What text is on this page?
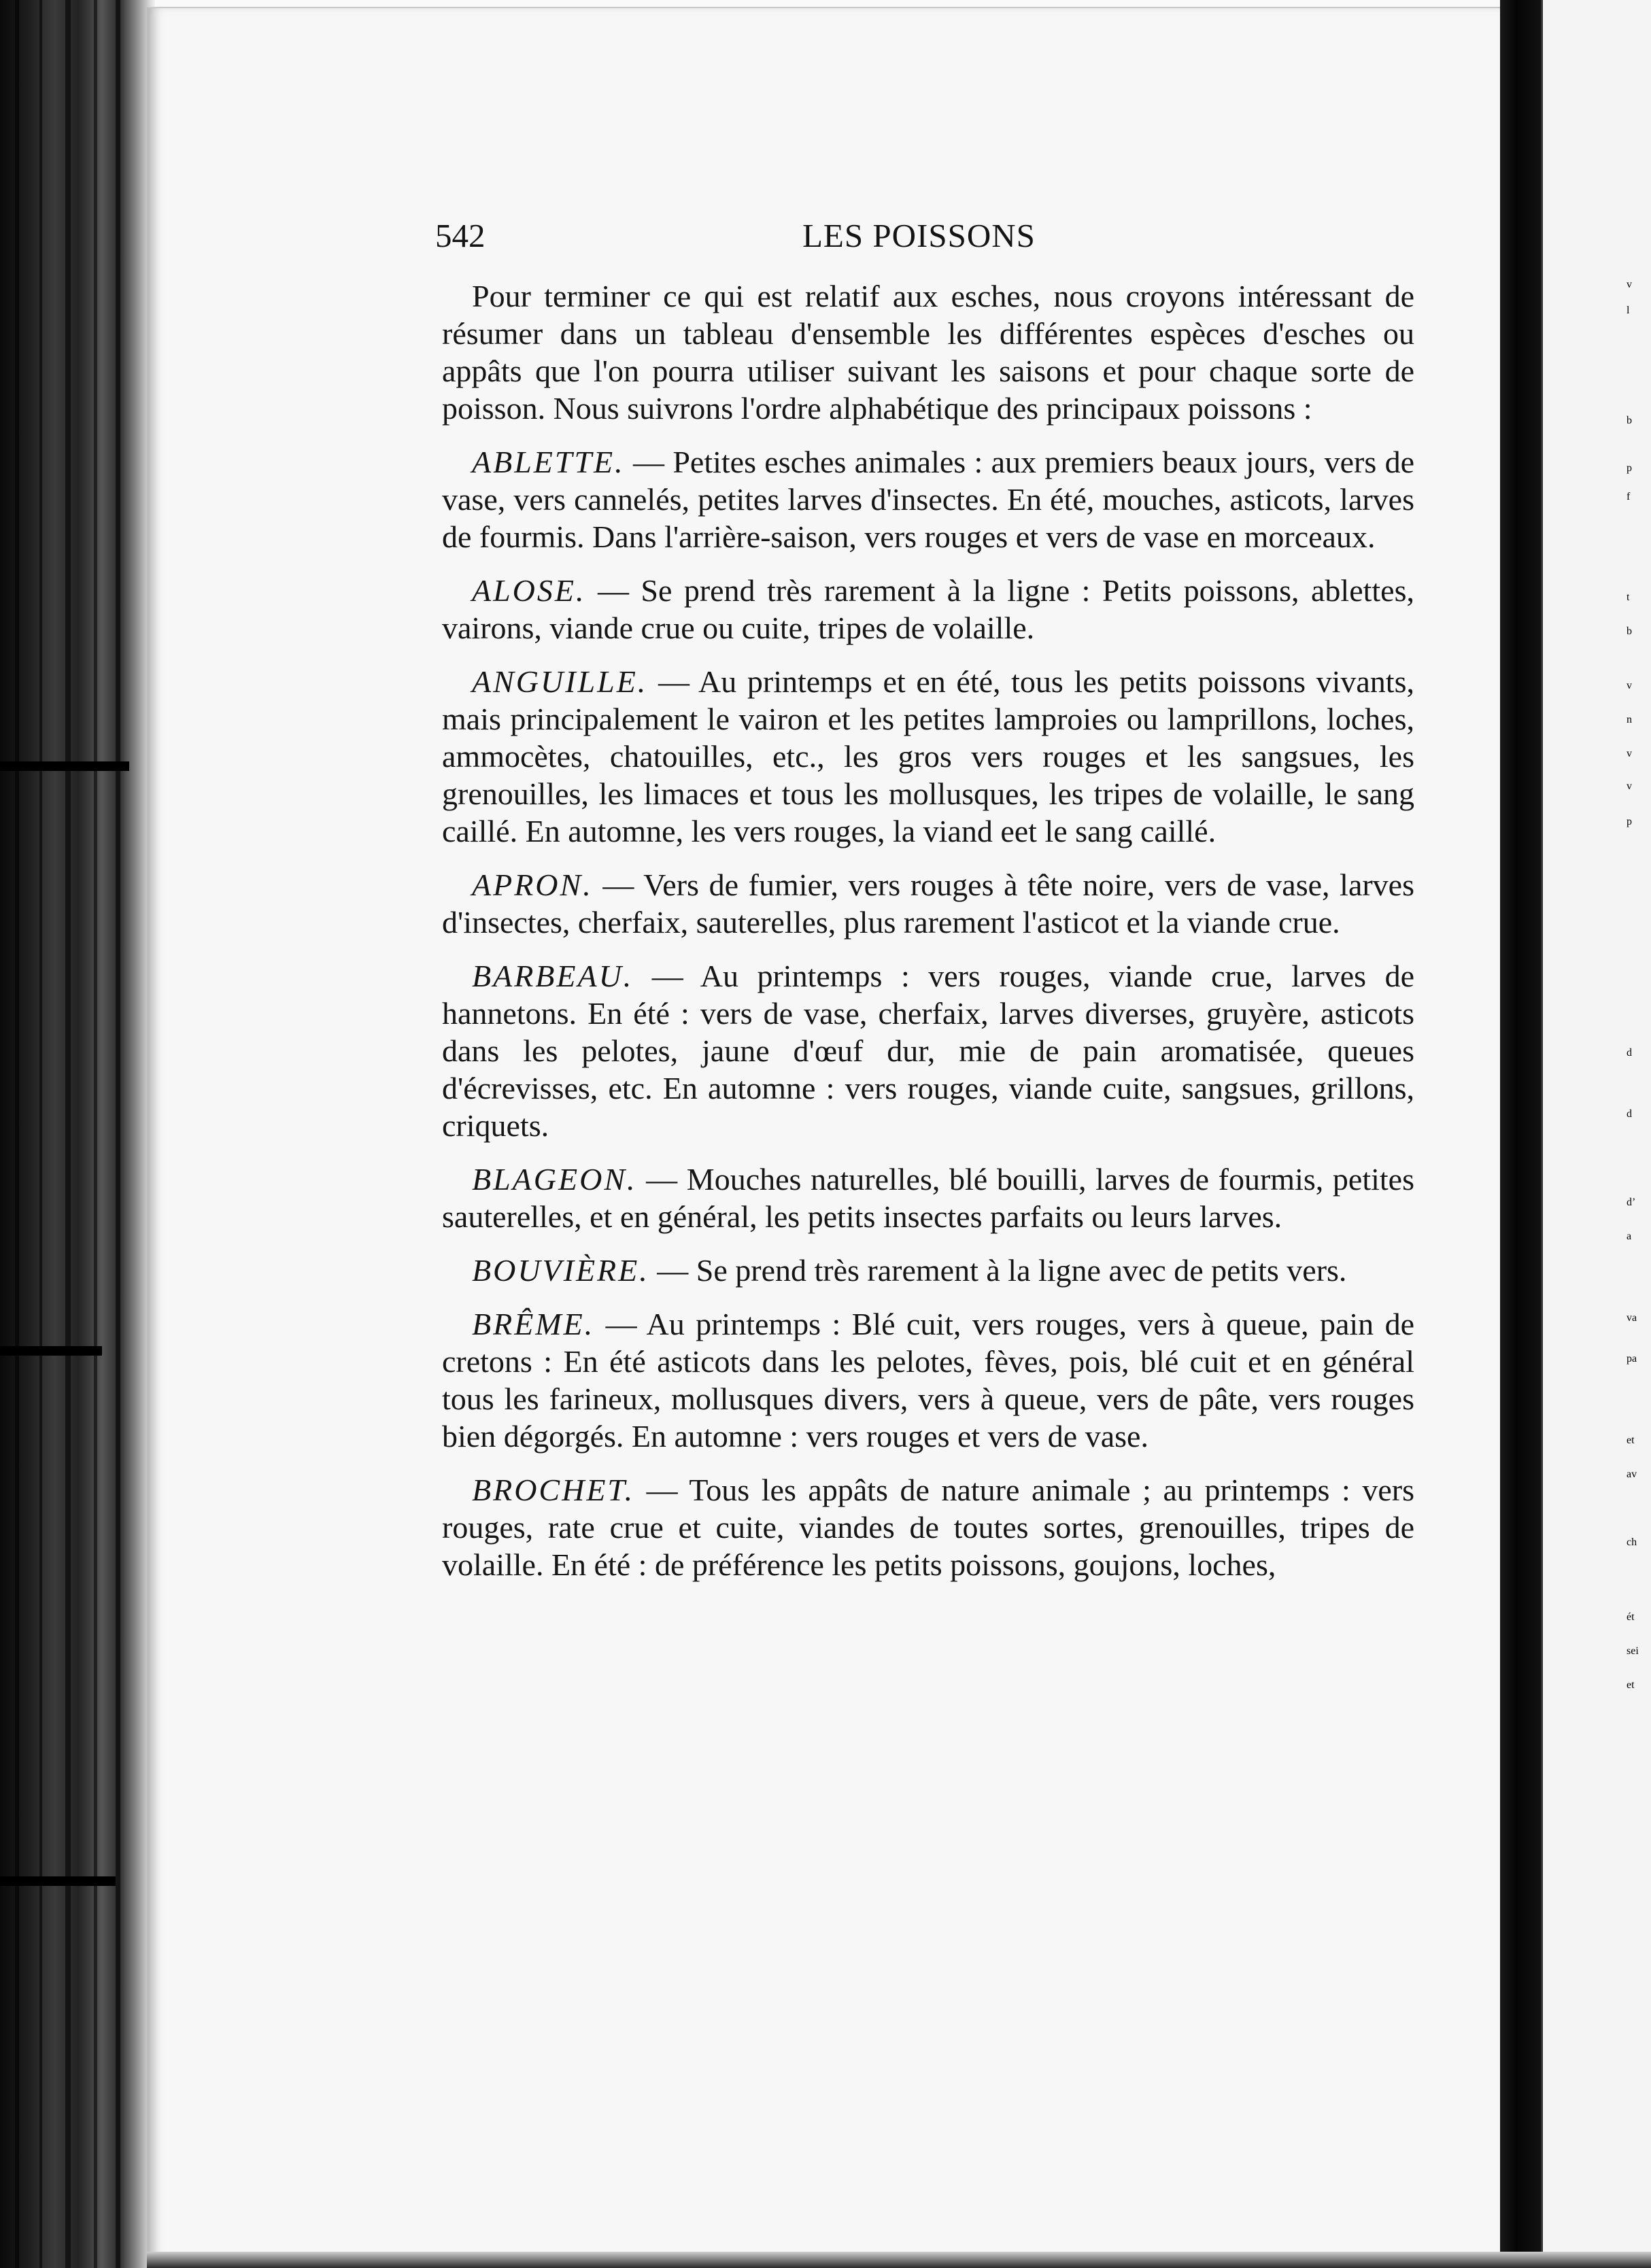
v
l
b
p
f
t
b
v
n
v
v
p
d
d
d’
a
va
pa
et
av
ch
ét
sei
et
542	LES POISSONS

Pour terminer ce qui est relatif aux esches, nous croyons intéressant de résumer dans un tableau d'ensemble les différentes espèces d'esches ou appâts que l'on pourra utiliser suivant les saisons et pour chaque sorte de poisson. Nous suivrons l'ordre alphabétique des principaux poissons :

ABLETTE. — Petites esches animales : aux premiers beaux jours, vers de vase, vers cannelés, petites larves d'insectes. En été, mouches, asticots, larves de fourmis. Dans l'arrière-saison, vers rouges et vers de vase en morceaux.

ALOSE. — Se prend très rarement à la ligne : Petits poissons, ablettes, vairons, viande crue ou cuite, tripes de volaille.

ANGUILLE. — Au printemps et en été, tous les petits poissons vivants, mais principalement le vairon et les petites lamproies ou lamprillons, loches, ammocètes, chatouilles, etc., les gros vers rouges et les sangsues, les grenouilles, les limaces et tous les mollusques, les tripes de volaille, le sang caillé. En automne, les vers rouges, la viand eet le sang caillé.

APRON. — Vers de fumier, vers rouges à tête noire, vers de vase, larves d'insectes, cherfaix, sauterelles, plus rarement l'asticot et la viande crue.

BARBEAU. — Au printemps : vers rouges, viande crue, larves de hannetons. En été : vers de vase, cherfaix, larves diverses, gruyère, asticots dans les pelotes, jaune d'œuf dur, mie de pain aromatisée, queues d'écrevisses, etc. En automne : vers rouges, viande cuite, sangsues, grillons, criquets.

BLAGEON. — Mouches naturelles, blé bouilli, larves de fourmis, petites sauterelles, et en général, les petits insectes parfaits ou leurs larves.

BOUVIÈRE. — Se prend très rarement à la ligne avec de petits vers.

BRÊME. — Au printemps : Blé cuit, vers rouges, vers à queue, pain de cretons : En été asticots dans les pelotes, fèves, pois, blé cuit et en général tous les farineux, mollusques divers, vers à queue, vers de pâte, vers rouges bien dégorgés. En automne : vers rouges et vers de vase.

BROCHET. — Tous les appâts de nature animale ; au printemps : vers rouges, rate crue et cuite, viandes de toutes sortes, grenouilles, tripes de volaille. En été : de préférence les petits poissons, goujons, loches,
